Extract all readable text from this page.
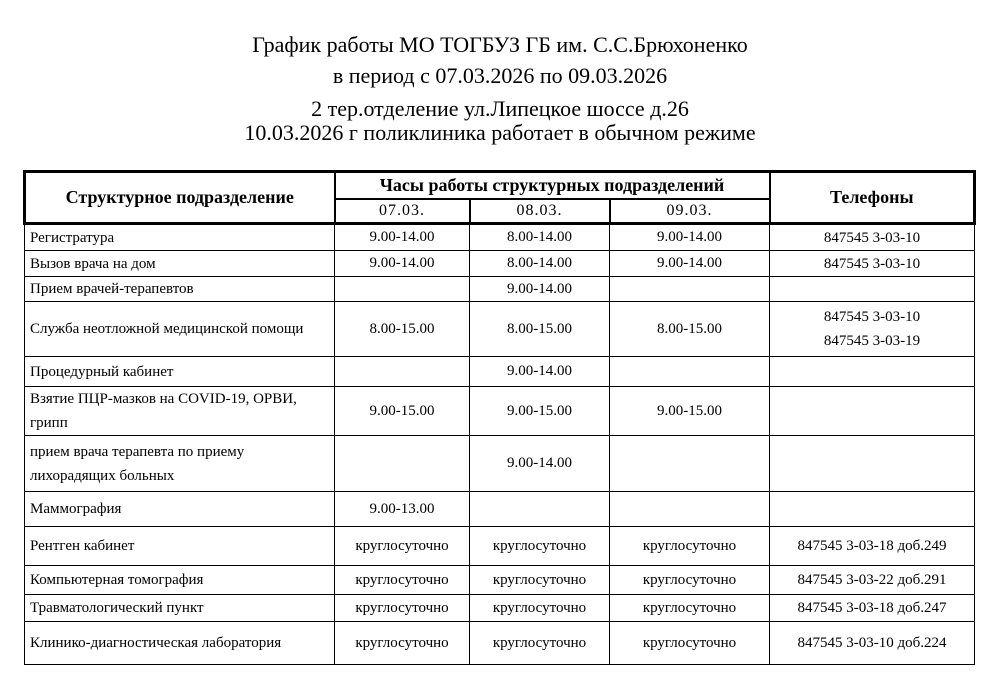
График работы МО ТОГБУЗ ГБ им. С.С.Брюхоненко
в период с 07.03.2026 по 09.03.2026
2 тер.отделение ул.Липецкое шоссе д.26
10.03.2026 г поликлиника работает в обычном режиме
Структурное подразделение	Часы работы структурных подразделений			Телефоны
	07.03.	08.03.	09.03.	
Регистратура	9.00-14.00	8.00-14.00	9.00-14.00	847545 3-03-10

Вызов врача на дом	9.00-14.00	8.00-14.00	9.00-14.00	847545 3-03-10

Прием врачей-терапевтов		9.00-14.00		

Служба неотложной медицинской помощи	8.00-15.00	8.00-15.00	8.00-15.00	847545 3-03-10
847545 3-03-19

Процедурный кабинет		9.00-14.00		

Взятие ПЦР-мазков на COVID-19, ОРВИ, грипп	9.00-15.00	9.00-15.00	9.00-15.00	

прием врача терапевта по приему лихорадящих больных		9.00-14.00		

Маммография	9.00-13.00			

Рентген кабинет	круглосуточно	круглосуточно	круглосуточно	847545 3-03-18 доб.249

Компьютерная томография	круглосуточно	круглосуточно	круглосуточно	847545 3-03-22 доб.291

Травматологический пункт	круглосуточно	круглосуточно	круглосуточно	847545 3-03-18 доб.247

Клинико-диагностическая лаборатория	круглосуточно	круглосуточно	круглосуточно	847545 3-03-10 доб.224
